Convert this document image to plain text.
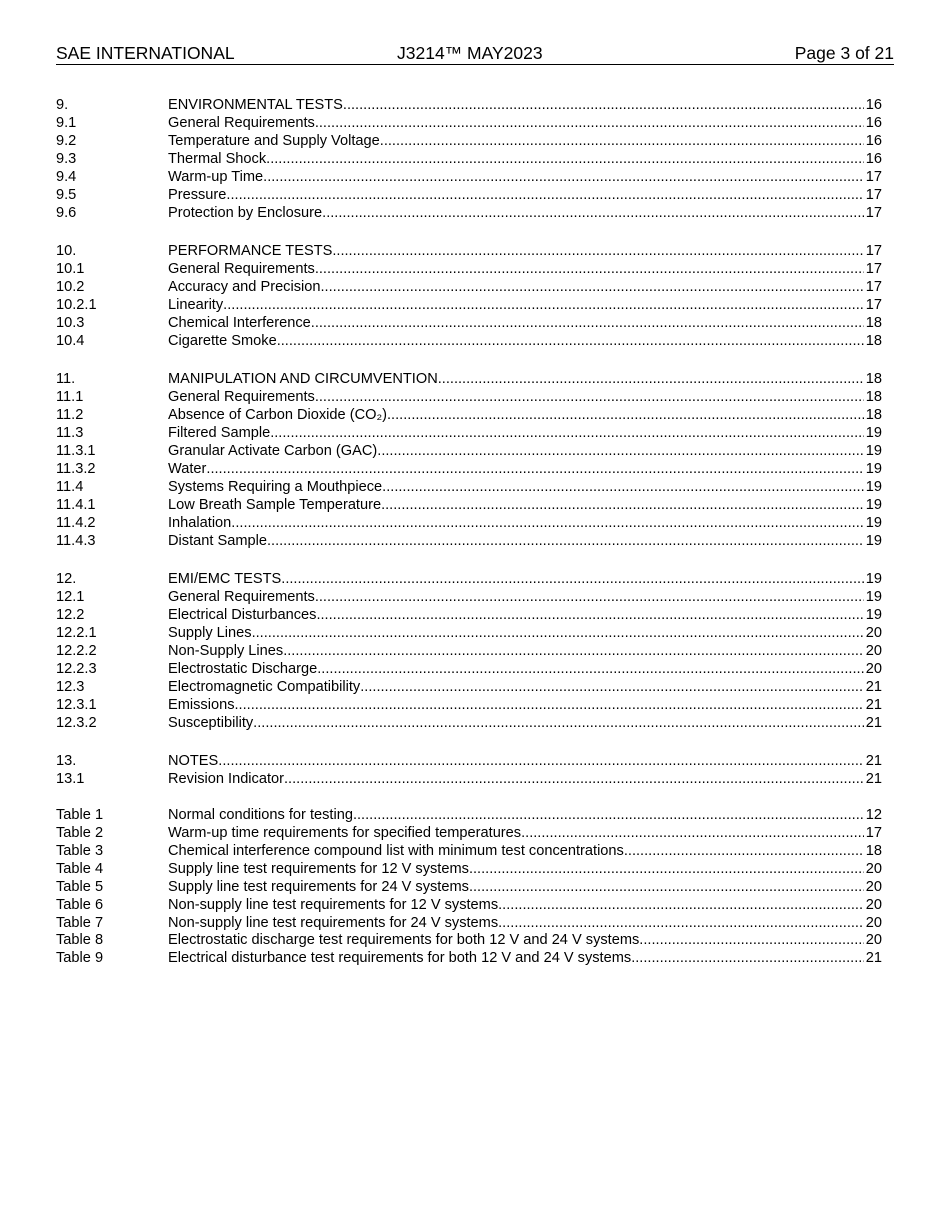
SAE INTERNATIONAL	J3214™ MAY2023	Page 3 of 21
9.	ENVIRONMENTAL TESTS .....	16
9.1	General Requirements .....	16
9.2	Temperature and Supply Voltage .....	16
9.3	Thermal Shock .....	16
9.4	Warm-up Time .....	17
9.5	Pressure .....	17
9.6	Protection by Enclosure .....	17
10.	PERFORMANCE TESTS .....	17
10.1	General Requirements .....	17
10.2	Accuracy and Precision .....	17
10.2.1	Linearity .....	17
10.3	Chemical Interference .....	18
10.4	Cigarette Smoke .....	18
11.	MANIPULATION AND CIRCUMVENTION .....	18
11.1	General Requirements .....	18
11.2	Absence of Carbon Dioxide (CO₂) .....	18
11.3	Filtered Sample .....	19
11.3.1	Granular Activate Carbon (GAC) .....	19
11.3.2	Water .....	19
11.4	Systems Requiring a Mouthpiece .....	19
11.4.1	Low Breath Sample Temperature .....	19
11.4.2	Inhalation .....	19
11.4.3	Distant Sample .....	19
12.	EMI/EMC TESTS .....	19
12.1	General Requirements .....	19
12.2	Electrical Disturbances .....	19
12.2.1	Supply Lines .....	20
12.2.2	Non-Supply Lines .....	20
12.2.3	Electrostatic Discharge .....	20
12.3	Electromagnetic Compatibility .....	21
12.3.1	Emissions .....	21
12.3.2	Susceptibility .....	21
13.	NOTES .....	21
13.1	Revision Indicator .....	21
Table 1	Normal conditions for testing .....	12
Table 2	Warm-up time requirements for specified temperatures .....	17
Table 3	Chemical interference compound list with minimum test concentrations .....	18
Table 4	Supply line test requirements for 12 V systems .....	20
Table 5	Supply line test requirements for 24 V systems .....	20
Table 6	Non-supply line test requirements for 12 V systems .....	20
Table 7	Non-supply line test requirements for 24 V systems .....	20
Table 8	Electrostatic discharge test requirements for both 12 V and 24 V systems .....	20
Table 9	Electrical disturbance test requirements for both 12 V and 24 V systems .....	21
